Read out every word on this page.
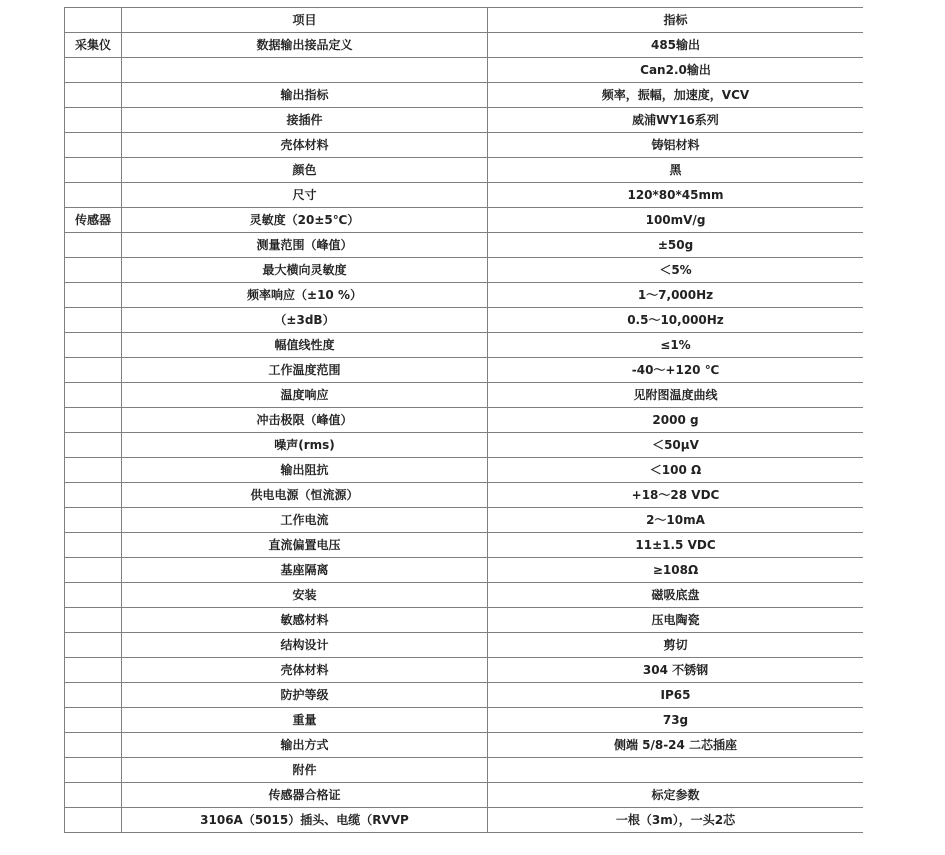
	项目	指标
采集仪	数据输出接品定义	485输出
		Can2.0输出
	输出指标	频率，振幅，加速度，VCV
	接插件	威浦WY16系列
	壳体材料	铸铝材料
	颜色	黑
	尺寸	120*80*45mm
传感器	灵敏度（20±5℃）	100mV/g
	测量范围（峰值）	±50g
	最大横向灵敏度	＜5%
	频率响应（±10 %）	1～7,000Hz
	（±3dB）	0.5～10,000Hz
	幅值线性度	≤1%
	工作温度范围	-40～+120 ℃
	温度响应	见附图温度曲线
	冲击极限（峰值）	2000 g
	噪声(rms)	＜50μV
	输出阻抗	＜100 Ω
	供电电源（恒流源）	+18～28 VDC
	工作电流	2～10mA
	直流偏置电压	11±1.5 VDC
	基座隔离	≥108Ω
	安装	磁吸底盘
	敏感材料	压电陶瓷
	结构设计	剪切
	壳体材料	304 不锈钢
	防护等级	IP65
	重量	73g
	输出方式	侧端 5/8-24 二芯插座
	附件	
	传感器合格证	标定参数
	3106A（5015）插头、电缆（RVVP	一根（3m），一头2芯
